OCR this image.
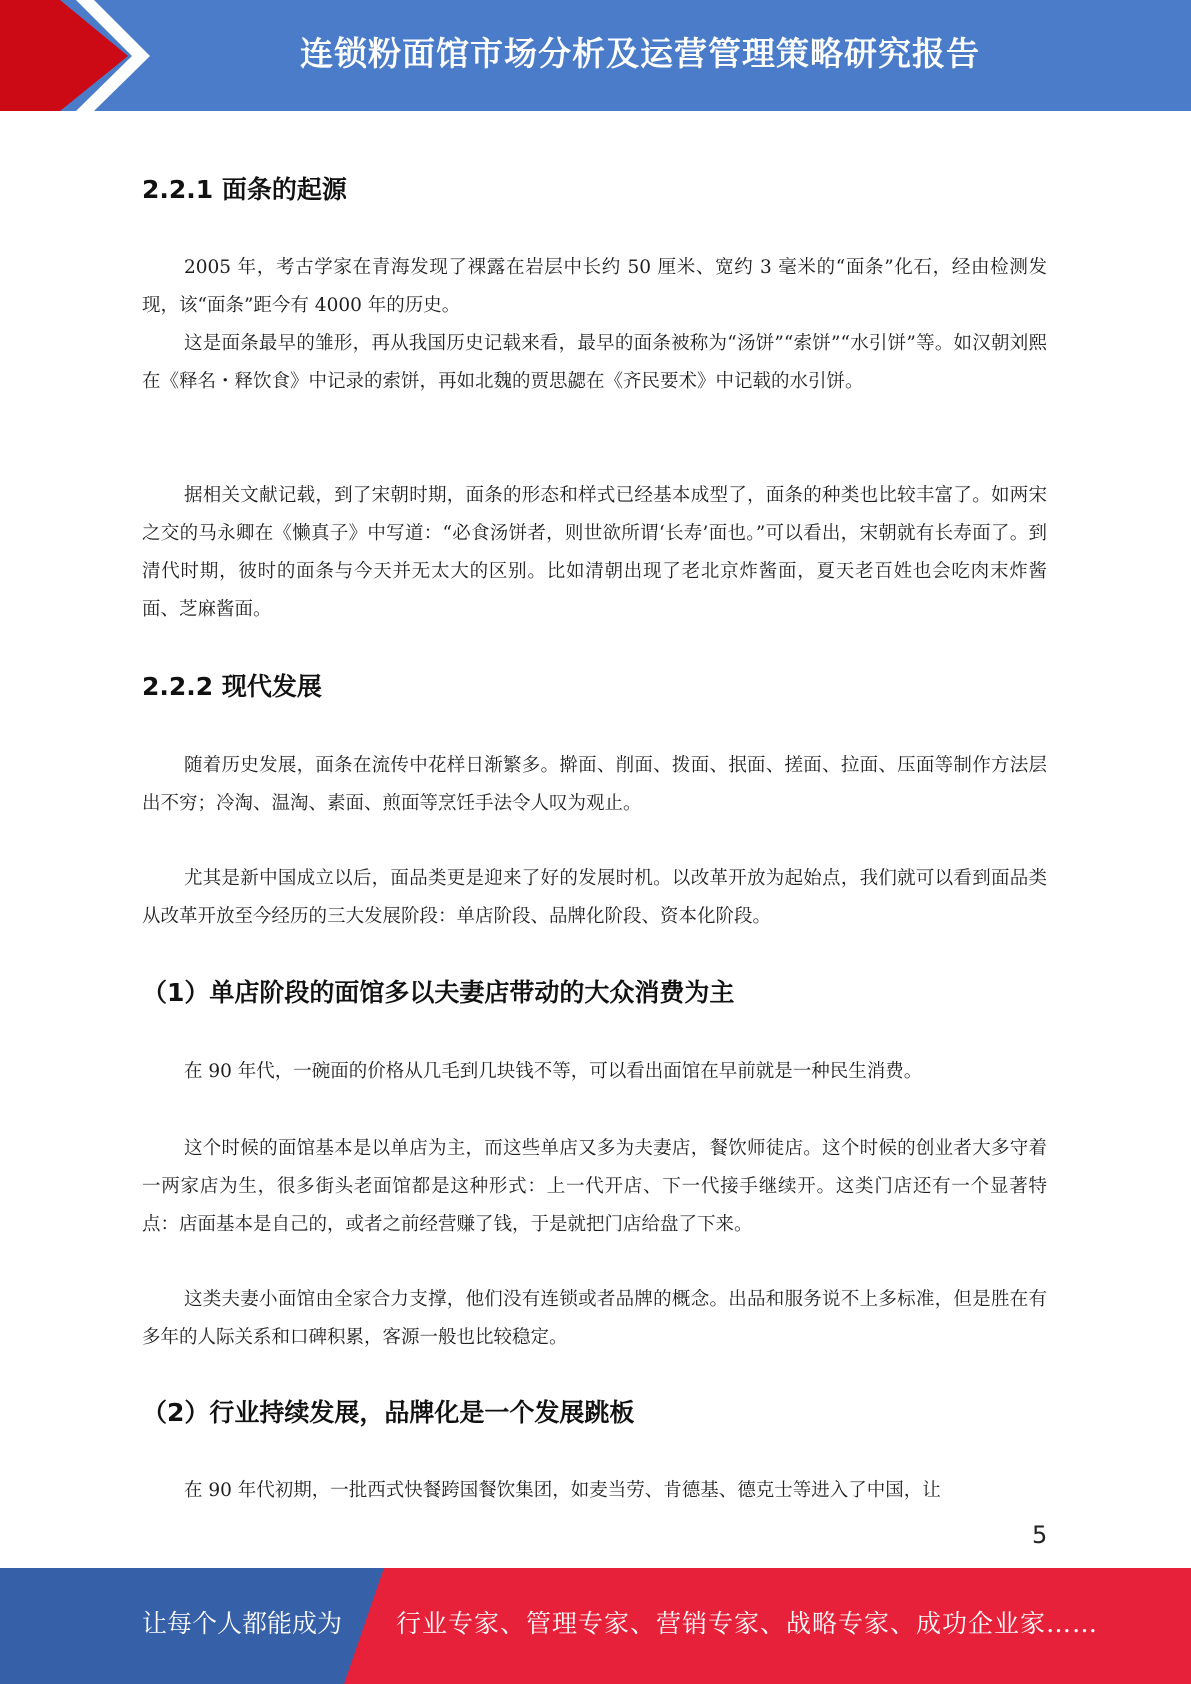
连锁粉面馆市场分析及运营管理策略研究报告
2.2.1 面条的起源

2005 年，考古学家在青海发现了裸露在岩层中长约 50 厘米、宽约 3 毫米的“面条”化石，经由检测发现，该“面条”距今有 4000 年的历史。

这是面条最早的雏形，再从我国历史记载来看，最早的面条被称为“汤饼”“索饼”“水引饼”等。如汉朝刘熙在《释名・释饮食》中记录的索饼，再如北魏的贾思勰在《齐民要术》中记载的水引饼。

据相关文献记载，到了宋朝时期，面条的形态和样式已经基本成型了，面条的种类也比较丰富了。如两宋之交的马永卿在《懒真子》中写道：“必食汤饼者，则世欲所谓‘长寿’面也。”可以看出，宋朝就有长寿面了。到清代时期，彼时的面条与今天并无太大的区别。比如清朝出现了老北京炸酱面，夏天老百姓也会吃肉末炸酱面、芝麻酱面。

2.2.2 现代发展

随着历史发展，面条在流传中花样日渐繁多。擀面、削面、拨面、抿面、搓面、拉面、压面等制作方法层出不穷；冷淘、温淘、素面、煎面等烹饪手法令人叹为观止。

尤其是新中国成立以后，面品类更是迎来了好的发展时机。以改革开放为起始点，我们就可以看到面品类从改革开放至今经历的三大发展阶段：单店阶段、品牌化阶段、资本化阶段。

（1）单店阶段的面馆多以夫妻店带动的大众消费为主

在 90 年代，一碗面的价格从几毛到几块钱不等，可以看出面馆在早前就是一种民生消费。

这个时候的面馆基本是以单店为主，而这些单店又多为夫妻店，餐饮师徒店。这个时候的创业者大多守着一两家店为生，很多街头老面馆都是这种形式：上一代开店、下一代接手继续开。这类门店还有一个显著特点：店面基本是自己的，或者之前经营赚了钱，于是就把门店给盘了下来。

这类夫妻小面馆由全家合力支撑，他们没有连锁或者品牌的概念。出品和服务说不上多标准，但是胜在有多年的人际关系和口碑积累，客源一般也比较稳定。

（2）行业持续发展，品牌化是一个发展跳板

在 90 年代初期，一批西式快餐跨国餐饮集团，如麦当劳、肯德基、德克士等进入了中国，让

5
让每个人都能成为 行业专家、管理专家、营销专家、战略专家、成功企业家……
